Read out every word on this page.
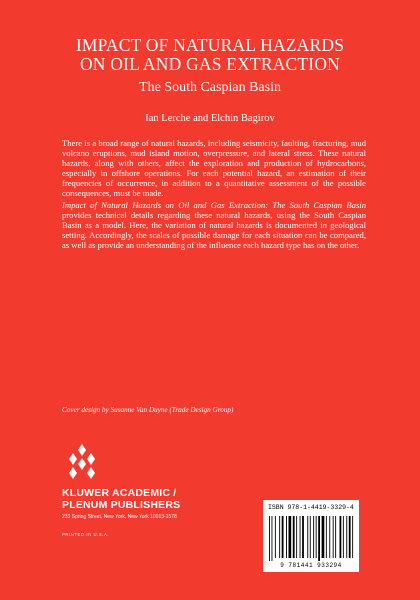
IMPACT OF NATURAL HAZARDS
ON OIL AND GAS EXTRACTION
The South Caspian Basin
Ian Lerche and Elchin Bagirov

There is a broad range of natural hazards, including seismicity, faulting, fracturing, mud volcano eruptions, mud island motion, overpressure, and lateral stress. These natural hazards, along with others, affect the exploration and production of hydrocarbons, especially in offshore operations. For each potential hazard, an estimation of their frequencies of occurrence, in addition to a quantitative assessment of the possible consequences, must be made.

Impact of Natural Hazards on Oil and Gas Extraction: The South Caspian Basin provides technical details regarding these natural hazards, using the South Caspian Basin as a model. Here, the variation of natural hazards is documented in geological setting. Accordingly, the scales of possible damage for each situation can be compared, as well as provide an understanding of the influence each hazard type has on the other.

Cover design by Susanne Van Duyne (Trade Design Group)
KLUWER ACADEMIC /
PLENUM PUBLISHERS
233 Spring Street, New York, New York 10013-1578
PRINTED IN U.S.A.
ISBN 978-1-4419-3329-4
9 781441 933294
